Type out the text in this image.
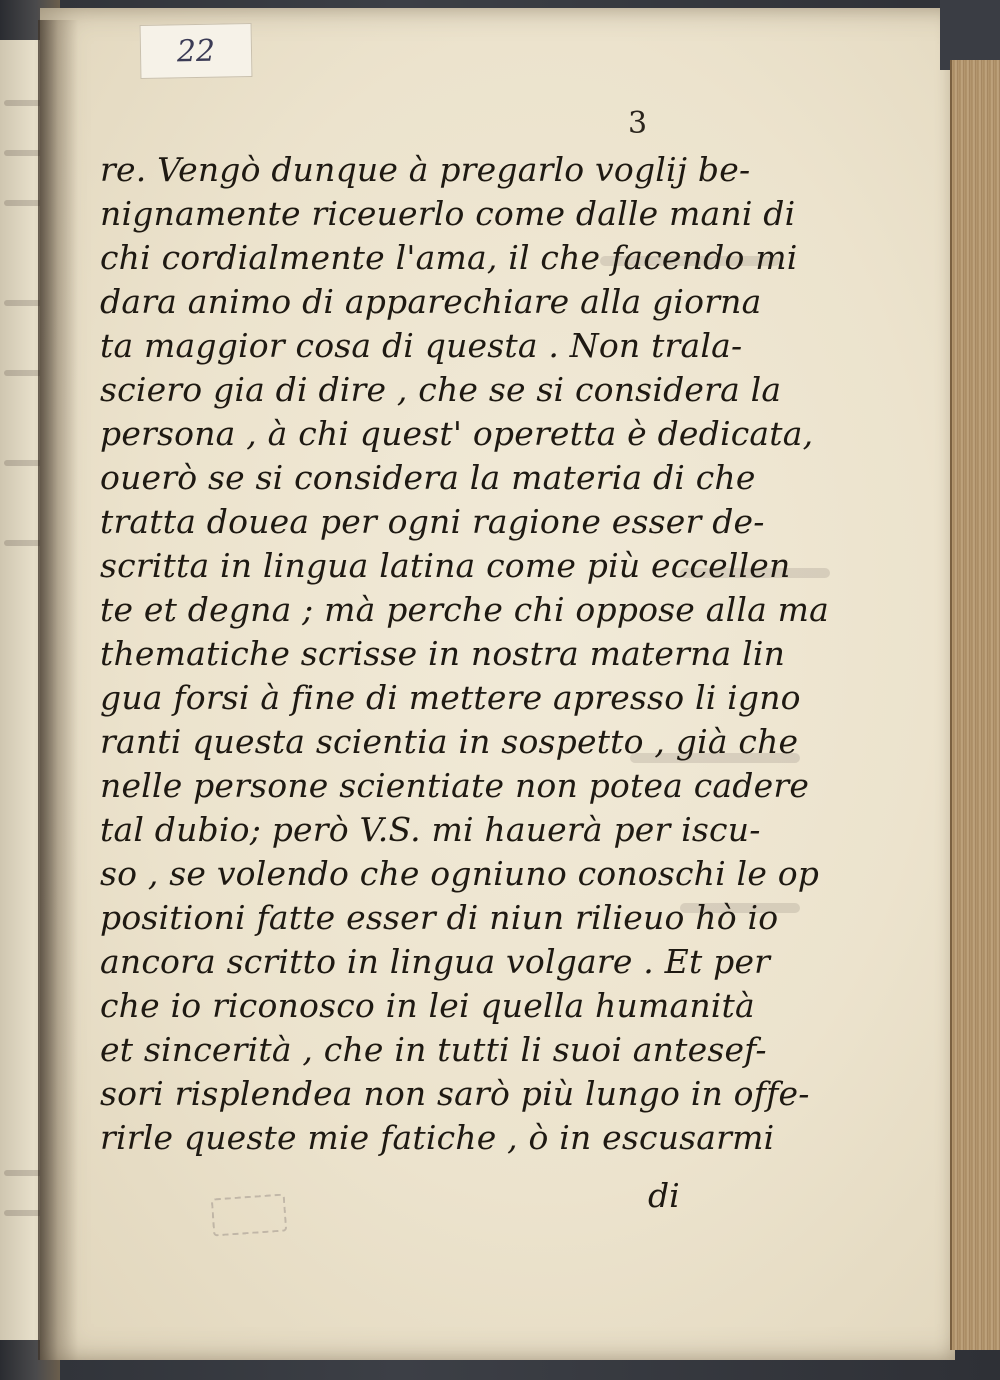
22
3
re. Vengò dunque à pregarlo voglij be-
nignamente riceuerlo come dalle mani di
chi cordialmente l'ama, il che facendo mi
dara animo di apparechiare alla giorna
ta maggior cosa di questa . Non trala-
sciero gia di dire , che se si considera la
persona , à chi quest' operetta è dedicata,
ouerò se si considera la materia di che
tratta douea per ogni ragione esser de-
scritta in lingua latina come più eccellen
te et degna ; mà perche chi oppose alla ma
thematiche scrisse in nostra materna lin
gua forsi à fine di mettere apresso li igno
ranti questa scientia in sospetto , già che
nelle persone scientiate non potea cadere
tal dubio; però V.S. mi hauerà per iscu-
so , se volendo che ogniuno conoschi le op
positioni fatte esser di niun rilieuo hò io
ancora scritto in lingua volgare . Et per
che io riconosco in lei quella humanità
et sincerità , che in tutti li suoi antesef-
sori risplendea non sarò più lungo in offe-
rirle queste mie fatiche , ò in escusarmi
di
